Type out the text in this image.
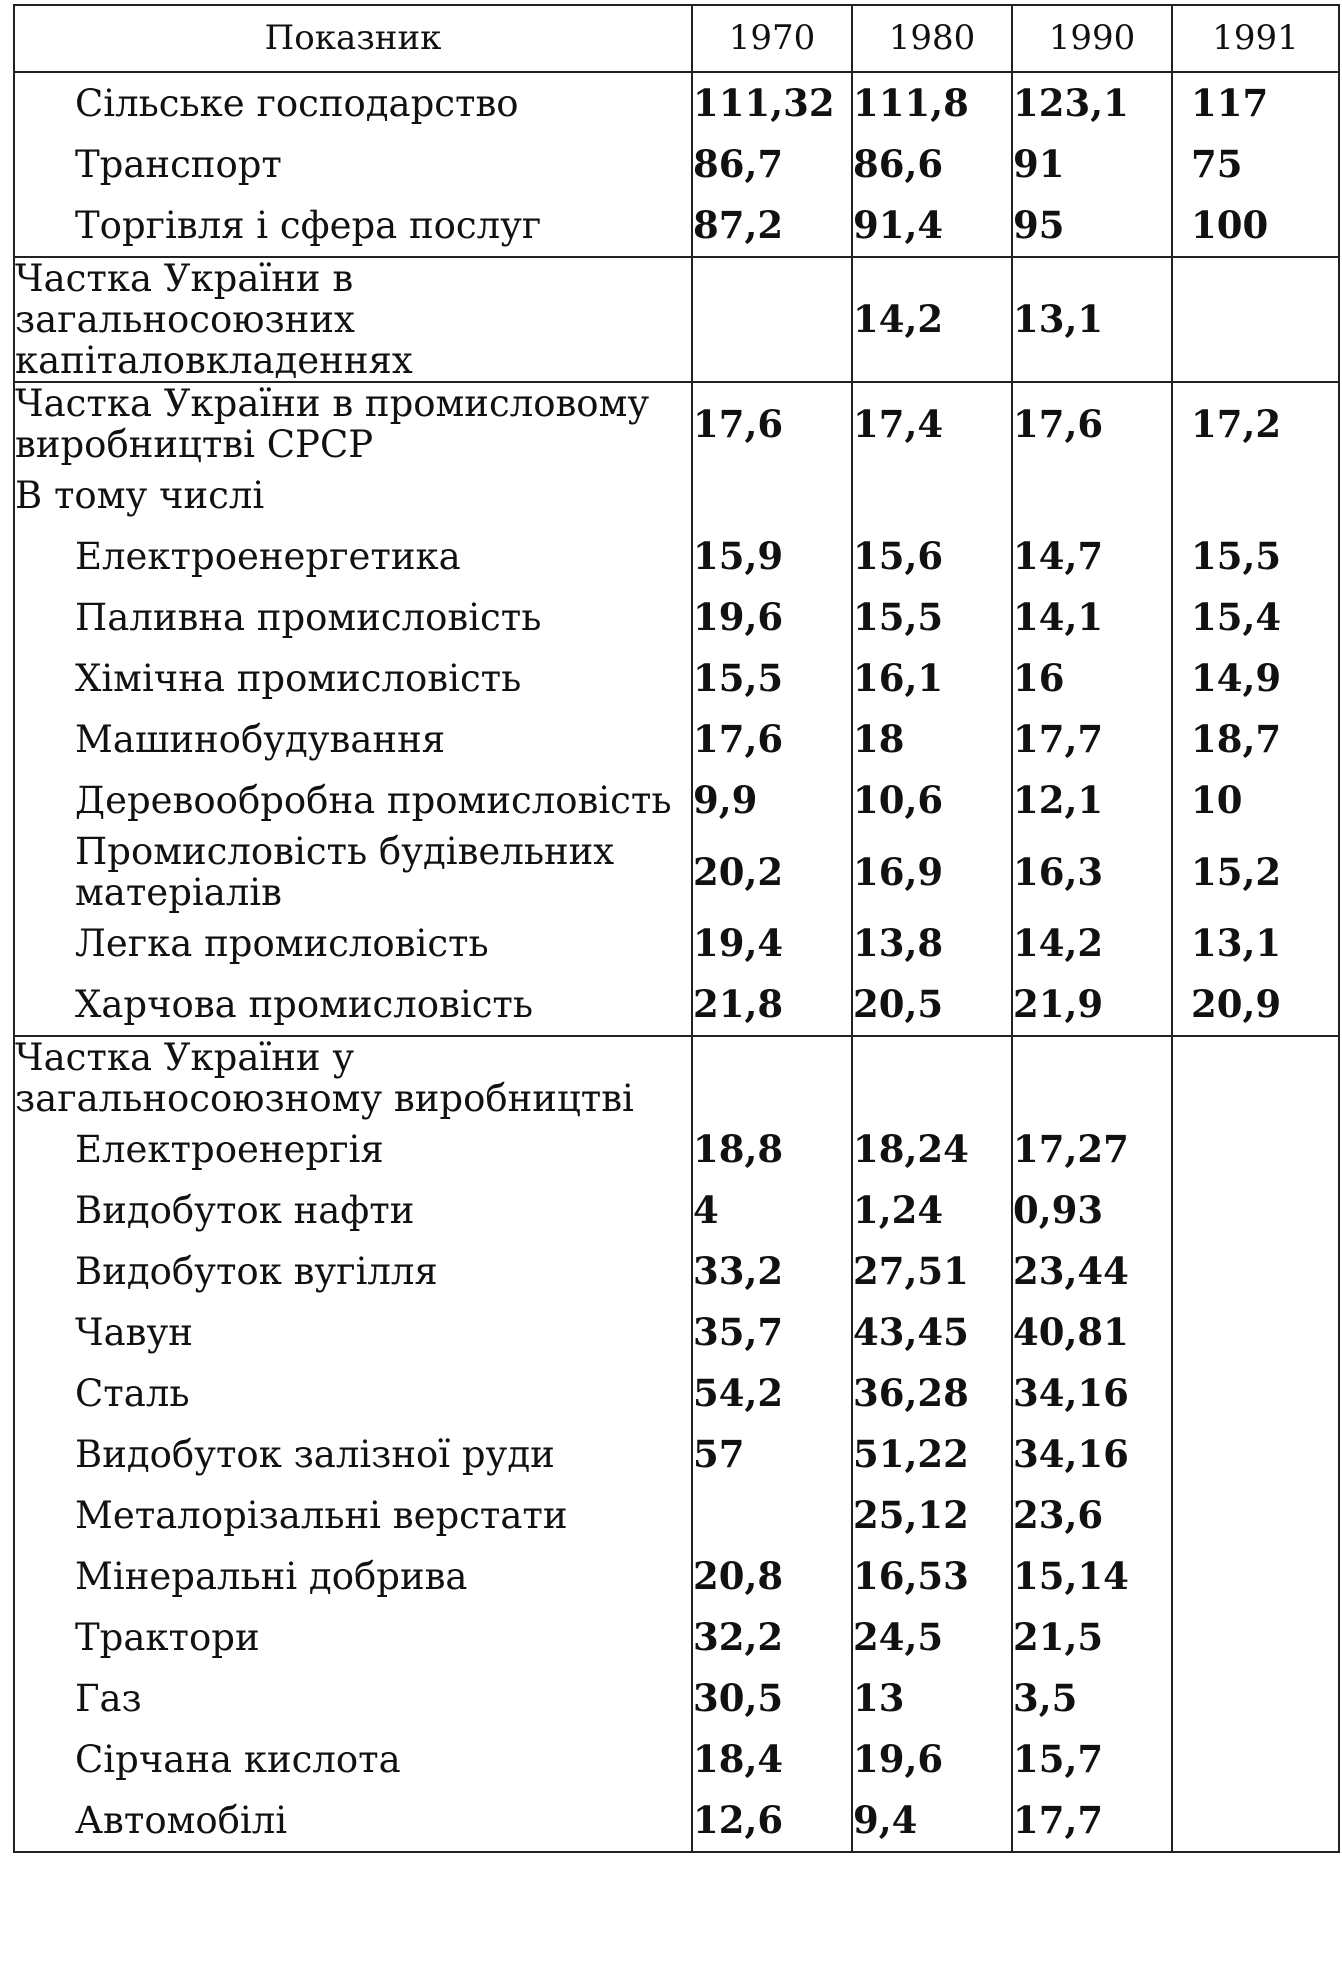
Показник	1970	1980	1990	1991
Сільське господарство	111,32	111,8	123,1	117
Транспорт	86,7	86,6	91	75
Торгівля і сфера послуг	87,2	91,4	95	100
Частка України в загальносоюзних капіталовкладеннях		14,2	13,1	
Частка України в промисловому виробництві СРСР	17,6	17,4	17,6	17,2
В тому числі				
Електроенергетика	15,9	15,6	14,7	15,5
Паливна промисловість	19,6	15,5	14,1	15,4
Хімічна промисловість	15,5	16,1	16	14,9
Машинобудування	17,6	18	17,7	18,7
Деревообробна промисловість	9,9	10,6	12,1	10
Промисловість будівельних матеріалів	20,2	16,9	16,3	15,2
Легка промисловість	19,4	13,8	14,2	13,1
Харчова промисловість	21,8	20,5	21,9	20,9
Частка України у загальносоюзному виробництві				
Електроенергія	18,8	18,24	17,27	
Видобуток нафти	4	1,24	0,93	
Видобуток вугілля	33,2	27,51	23,44	
Чавун	35,7	43,45	40,81	
Сталь	54,2	36,28	34,16	
Видобуток залізної руди	57	51,22	34,16	
Металорізальні верстати		25,12	23,6	
Мінеральні добрива	20,8	16,53	15,14	
Трактори	32,2	24,5	21,5	
Газ	30,5	13	3,5	
Сірчана кислота	18,4	19,6	15,7	
Автомобілі	12,6	9,4	17,7	
